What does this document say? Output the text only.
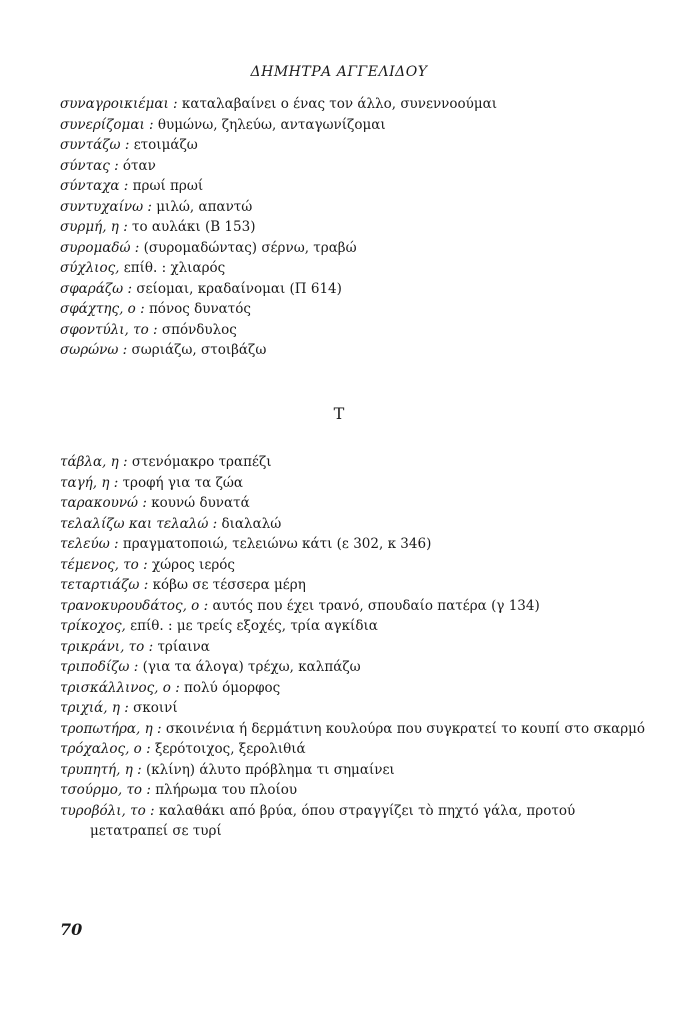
ΔΗΜΗΤΡΑ ΑΓΓΕΛΙΔΟΥ

συναγροικιέμαι : καταλαβαίνει ο ένας τον άλλο, συνεννοούμαι

συνερίζομαι : θυμώνω, ζηλεύω, ανταγωνίζομαι

συντάζω : ετοιμάζω

σύντας : όταν

σύνταχα : πρωί πρωί

συντυχαίνω : μιλώ, απαντώ

συρμή, η : το αυλάκι (Β 153)

συρομαδώ : (συρομαδώντας) σέρνω, τραβώ

σύχλιος, επίθ. : χλιαρός

σφαράζω : σείομαι, κραδαίνομαι (Π 614)

σφάχτης, ο : πόνος δυνατός

σφοντύλι, το : σπόνδυλος

σωρώνω : σωριάζω, στοιβάζω

Τ

τάβλα, η : στενόμακρο τραπέζι

ταγή, η : τροφή για τα ζώα

ταρακουνώ : κουνώ δυνατά

τελαλίζω και τελαλώ : διαλαλώ

τελεύω : πραγματοποιώ, τελειώνω κάτι (ε 302, κ 346)

τέμενος, το : χώρος ιερός

τεταρτιάζω : κόβω σε τέσσερα μέρη

τρανοκυρουδάτος, ο : αυτός που έχει τρανό, σπουδαίο πατέρα (γ 134)

τρίκοχος, επίθ. : με τρείς εξοχές, τρία αγκίδια

τρικράνι, το : τρίαινα

τριποδίζω : (για τα άλογα) τρέχω, καλπάζω

τρισκάλλινος, ο : πολύ όμορφος

τριχιά, η : σκοινί

τροπωτήρα, η : σκοινένια ή δερμάτινη κουλούρα που συγκρατεί το κουπί στο σκαρμό

τρόχαλος, ο : ξερότοιχος, ξερολιθιά

τρυπητή, η : (κλίνη) άλυτο πρόβλημα τι σημαίνει

τσούρμο, το : πλήρωμα του πλοίου

τυροβόλι, το : καλαθάκι από βρύα, όπου στραγγίζει τὸ πηχτό γάλα, προτού μετατραπεί σε τυρί

70
